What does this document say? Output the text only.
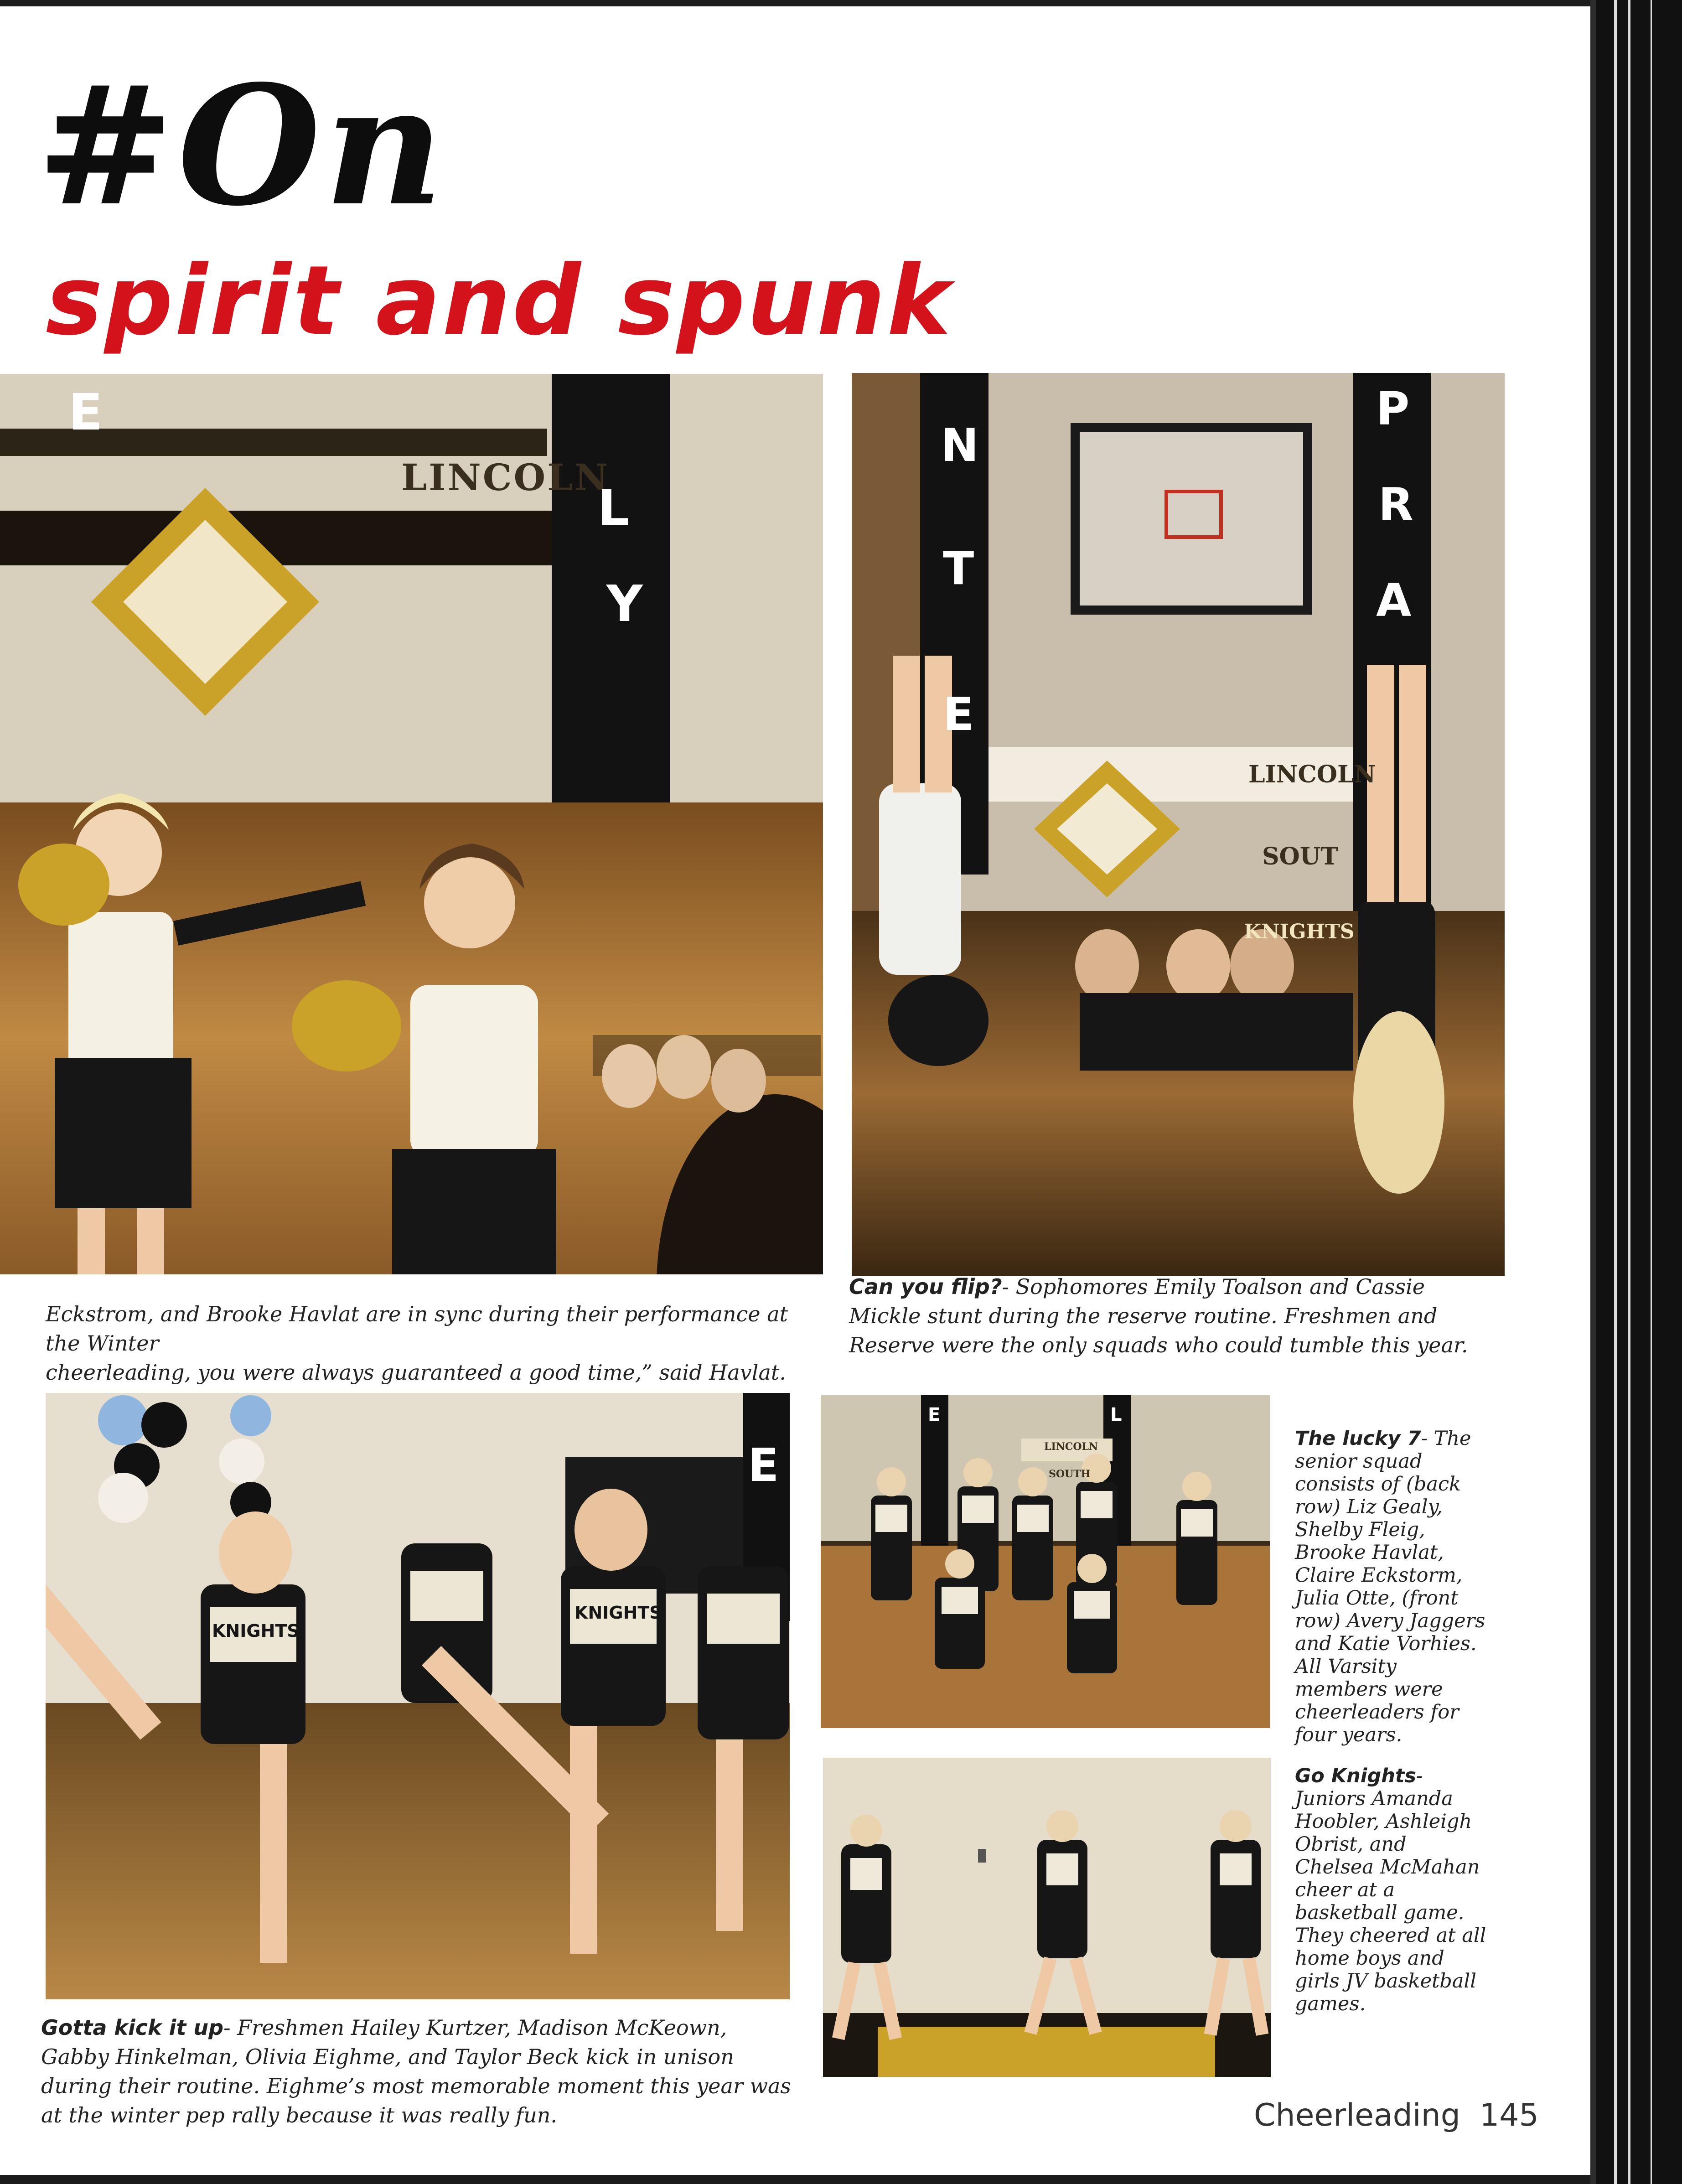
#On
spirit and spunk
LINCOLN
E
L
Y
Eckstrom, and Brooke Havlat are in sync during their performance at the Winter
cheerleading, you were always guaranteed a good time,” said Havlat.
N
T
E
P
R
A
LINCOLN
SOUT
KNIGHTS
Can you flip?- Sophomores Emily Toalson and Cassie Mickle stunt during the reserve routine. Freshmen and Reserve were the only squads who could tumble this year.
E
KNIGHTS
KNIGHTS
Gotta kick it up- Freshmen Hailey Kurtzer, Madison McKeown, Gabby Hinkelman, Olivia Eighme, and Taylor Beck kick in unison during their routine. Eighme’s most memorable moment this year was at the winter pep rally because it was really fun.
LINCOLN
SOUTH
E	L
The lucky 7- The senior squad consists of (back row) Liz Gealy, Shelby Fleig, Brooke Havlat, Claire Eckstorm, Julia Otte, (front row) Avery Jaggers and Katie Vorhies. All Varsity members were cheerleaders for four years.
Go Knights- Juniors Amanda Hoobler, Ashleigh Obrist, and Chelsea McMahan cheer at a basketball game. They cheered at all home boys and girls JV basketball games.
Cheerleading 145
